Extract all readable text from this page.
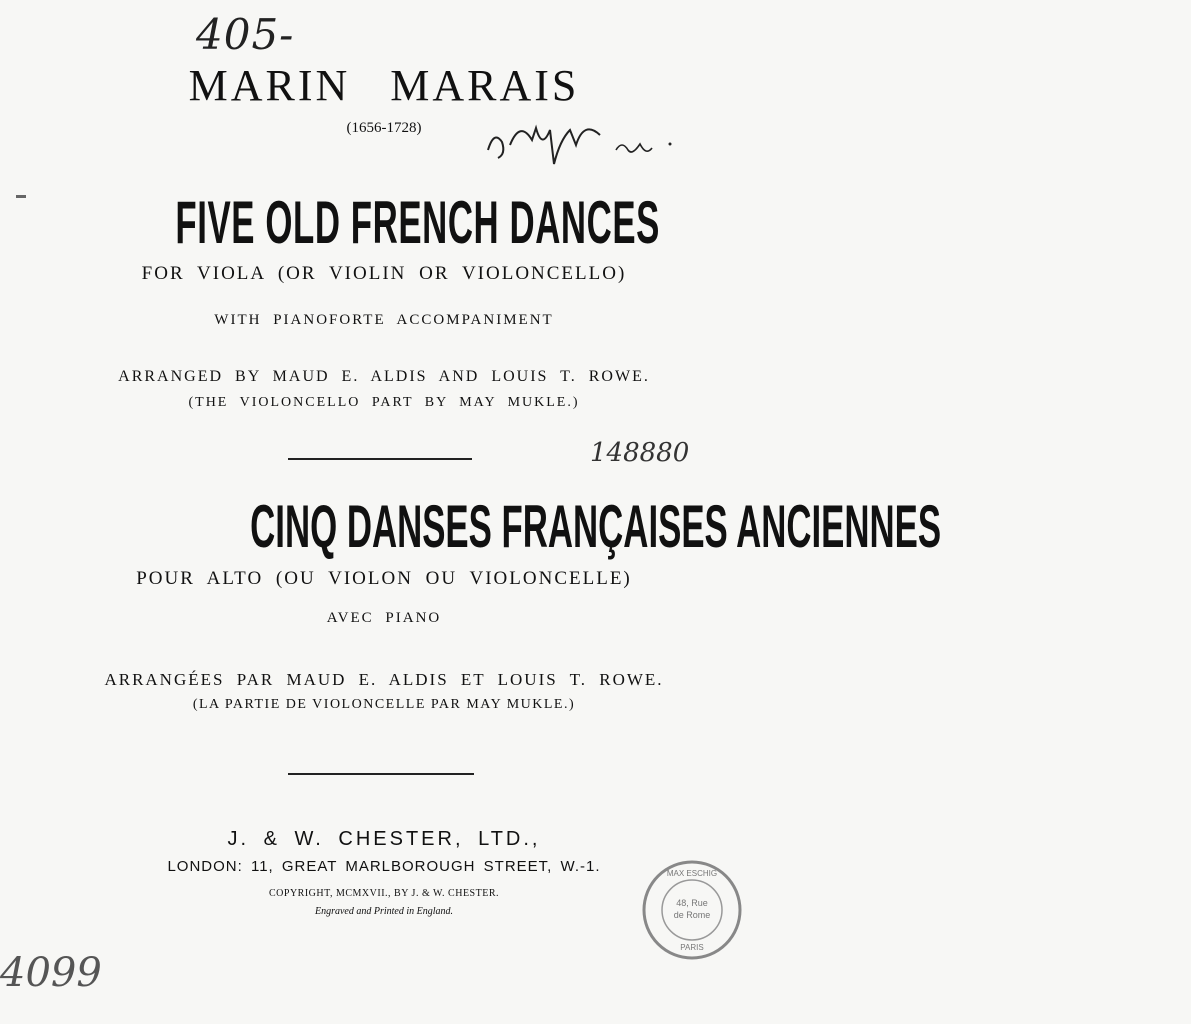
405-
MARIN MARAIS
(1656-1728)
FIVE OLD FRENCH DANCES
FOR VIOLA (OR VIOLIN OR VIOLONCELLO)
WITH PIANOFORTE ACCOMPANIMENT
ARRANGED BY MAUD E. ALDIS AND LOUIS T. ROWE.
(THE VIOLONCELLO PART BY MAY MUKLE.)
148880
CINQ DANSES FRANÇAISES ANCIENNES
POUR ALTO (OU VIOLON OU VIOLONCELLE)
AVEC PIANO
ARRANGÉES PAR MAUD E. ALDIS ET LOUIS T. ROWE.
(LA PARTIE DE VIOLONCELLE PAR MAY MUKLE.)
J. & W. CHESTER, LTD.,
LONDON: 11, GREAT MARLBOROUGH STREET, W.-1.
COPYRIGHT, MCMXVII., BY J. & W. CHESTER.
Engraved and Printed in England.
48, Rue
de Rome
MAX ESCHIG
PARIS
4099
